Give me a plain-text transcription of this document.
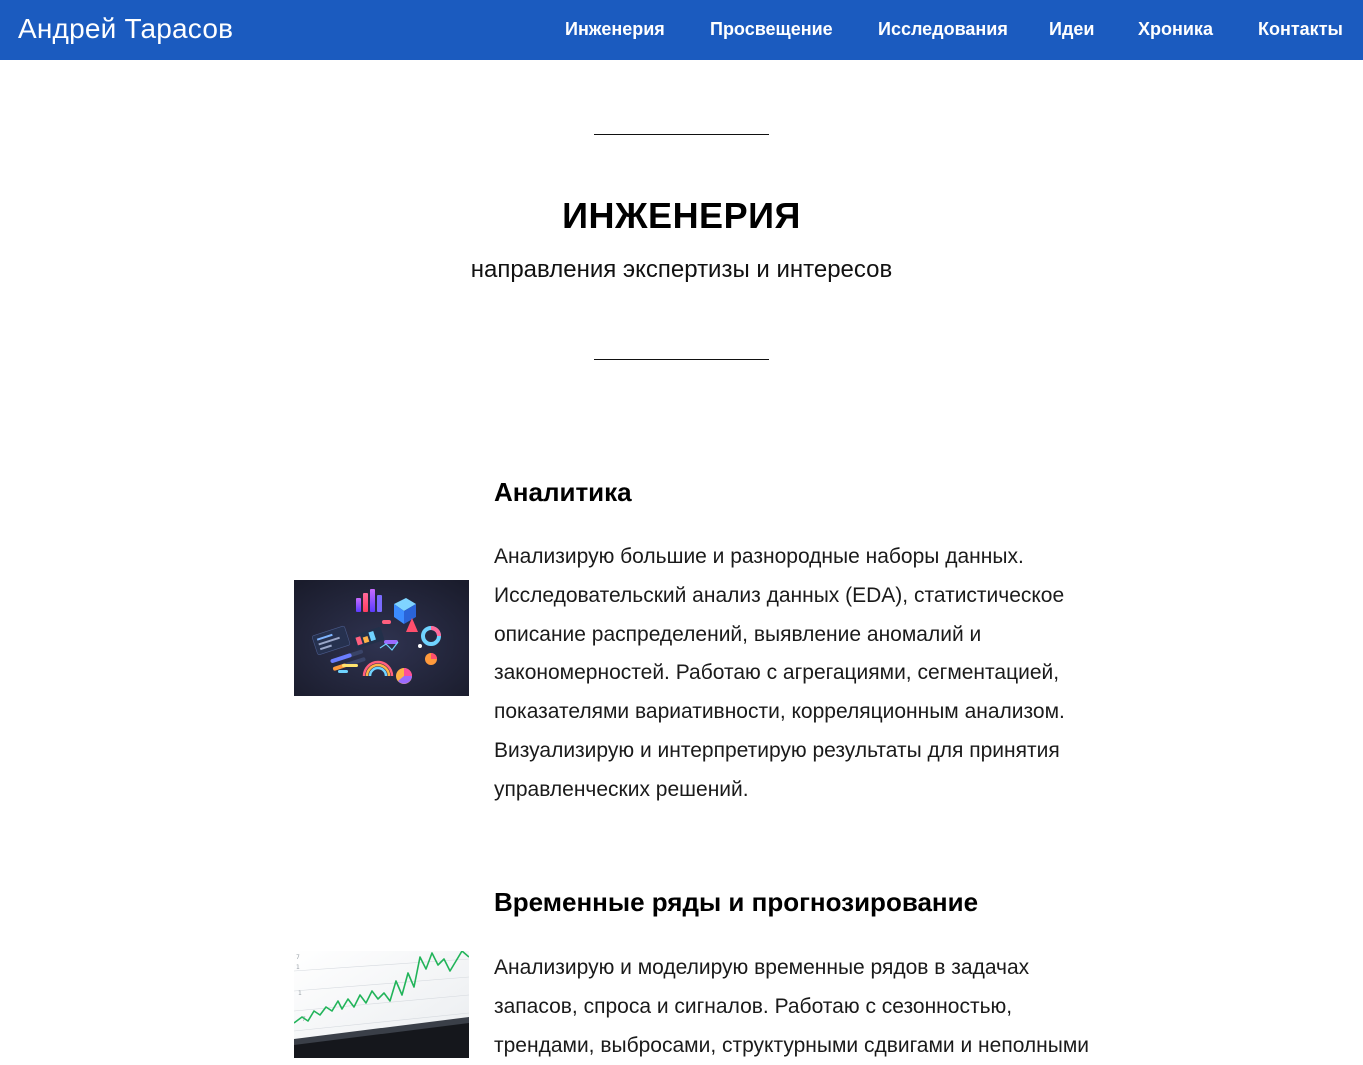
Андрей Тарасов	Инженерия	Просвещение	Исследования Идеи Хроника	Контакты
ИНЖЕНЕРИЯ
направления экспертизы и интересов
Аналитика
Анализирую большие и разнородные наборы данных.
Исследовательский анализ данных (EDA), статистическое
описание распределений, выявление аномалий и
закономерностей. Работаю с агрегациями, сегментацией,
показателями вариативности, корреляционным анализом.
Визуализирую и интерпретирую результаты для принятия
управленческих решений.
Временные ряды и прогнозирование
7
1
1
7
Анализирую и моделирую временные рядов в задачах
запасов, спроса и сигналов. Работаю с сезонностью,
трендами, выбросами, структурными сдвигами и неполными
